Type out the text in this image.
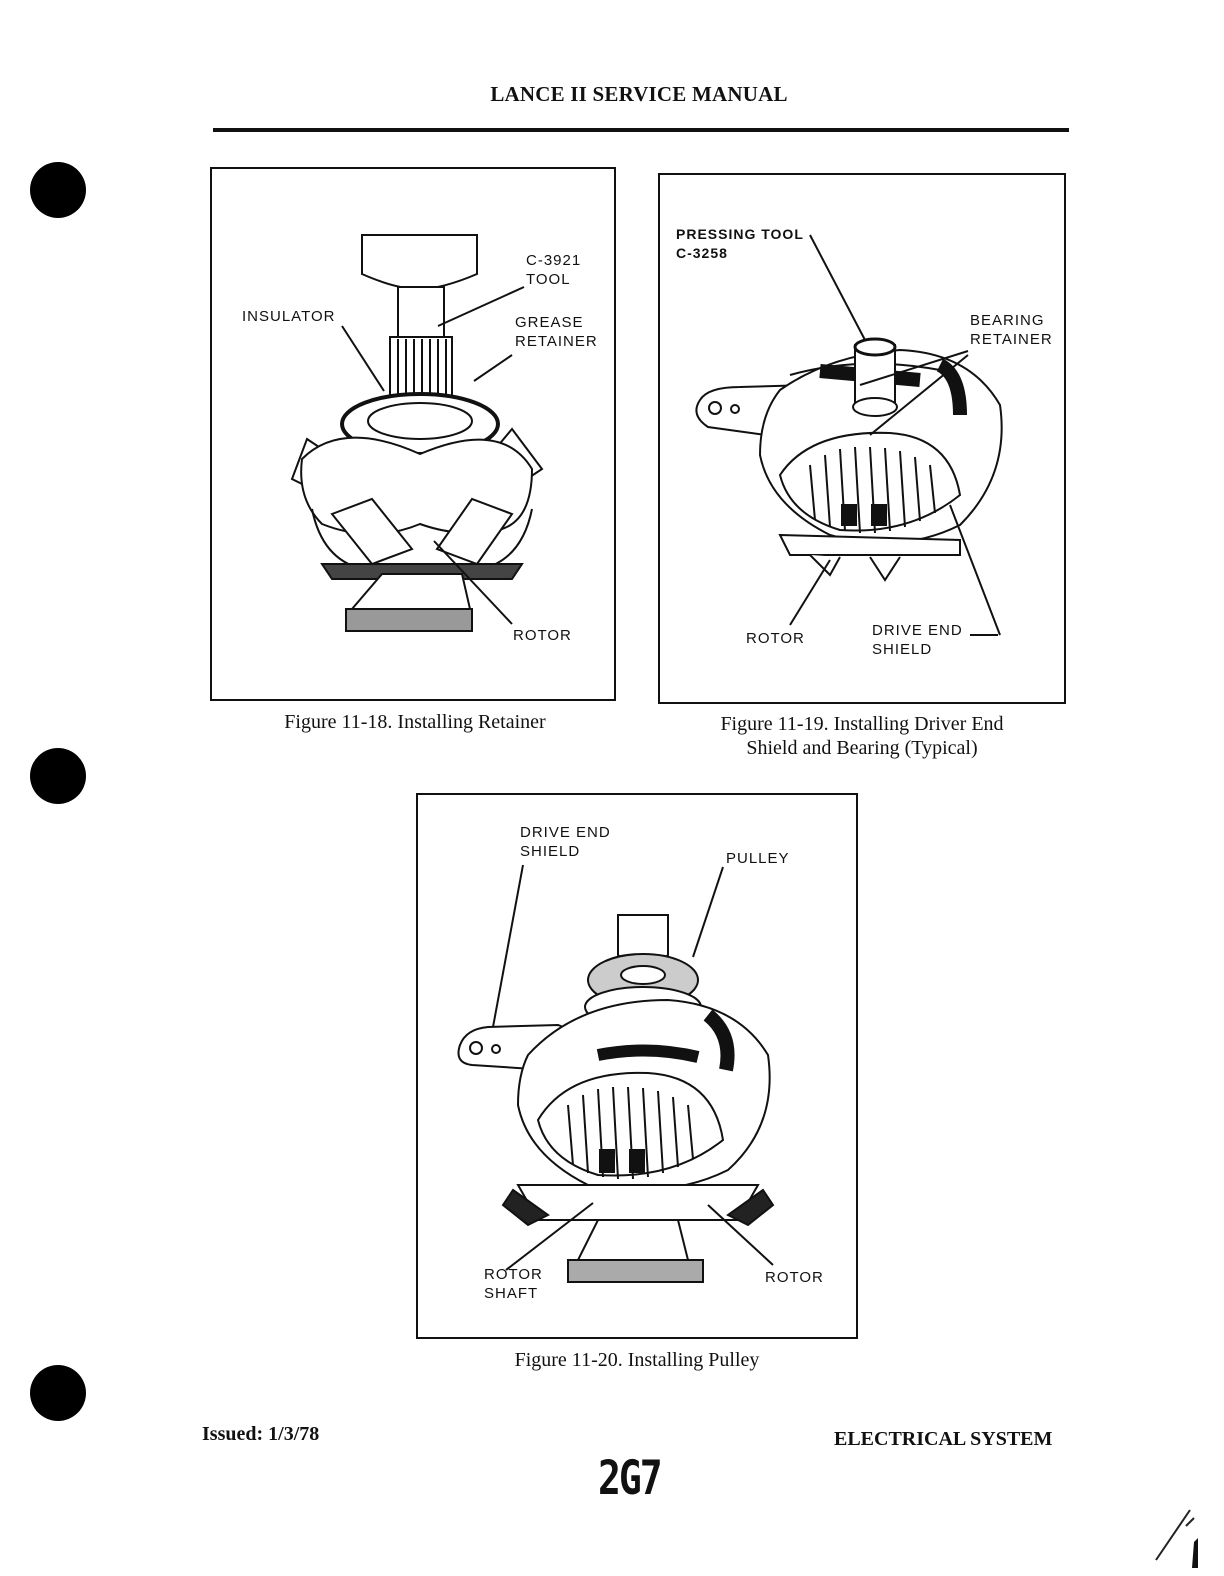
LANCE II SERVICE MANUAL
C-3921
TOOL
INSULATOR	GREASE
RETAINER
ROTOR
Figure 11-18. Installing Retainer
PRESSING TOOL
C-3258
BEARING
RETAINER
ROTOR	DRIVE END
SHIELD
Figure 11-19. Installing Driver End
Shield and Bearing (Typical)
DRIVE END
SHIELD	PULLEY
ROTOR
SHAFT
ROTOR
Figure 11-20. Installing Pulley
Issued: 1/3/78	ELECTRICAL SYSTEM
2G7
